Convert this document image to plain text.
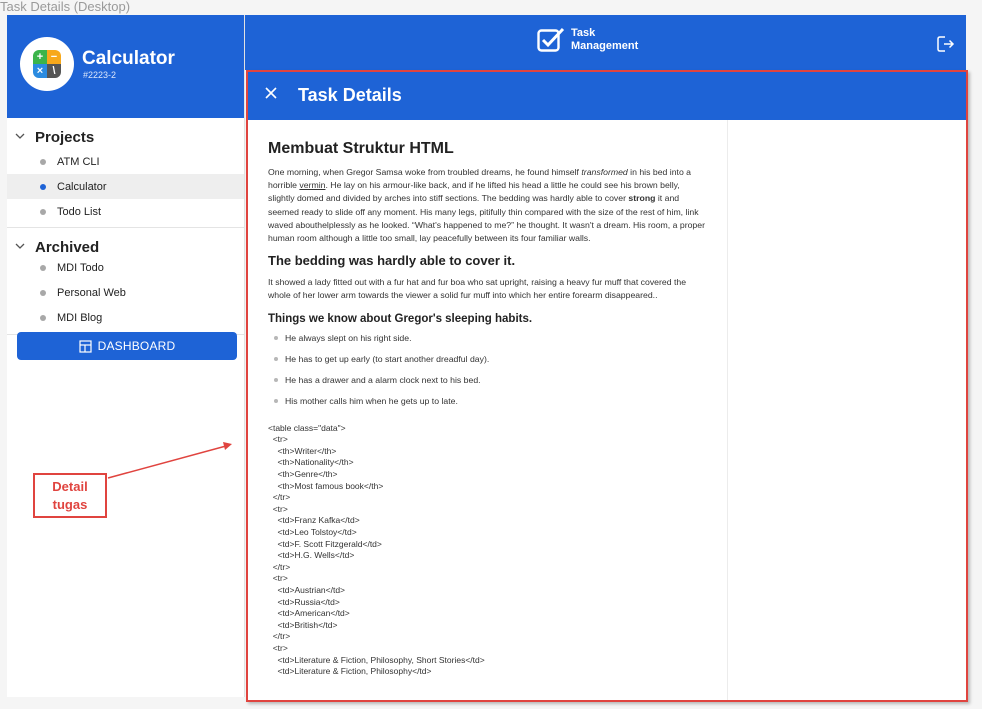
Task Details (Desktop)
+ −
× \
Calculator
#2223-2
Projects
ATM CLI
Calculator
Todo List
Archived
MDI Todo
Personal Web
MDI Blog
DASHBOARD
Task
Management
Task Details
Membuat Struktur HTML

One morning, when Gregor Samsa woke from troubled dreams, he found himself transformed in his bed into a horrible vermin. He lay on his armour-like back, and if he lifted his head a little he could see his brown belly, slightly domed and divided by arches into stiff sections. The bedding was hardly able to cover strong it and seemed ready to slide off any moment. His many legs, pitifully thin compared with the size of the rest of him, link waved abouthelplessly as he looked. “What's happened to me?” he thought. It wasn't a dream. His room, a proper human room although a little too small, lay peacefully between its four familiar walls.

The bedding was hardly able to cover it.

It showed a lady fitted out with a fur hat and fur boa who sat upright, raising a heavy fur muff that covered the whole of her lower arm towards the viewer a solid fur muff into which her entire forearm disappeared..

Things we know about Gregor's sleeping habits.
He always slept on his right side.
He has to get up early (to start another dreadful day).
He has a drawer and a alarm clock next to his bed.
His mother calls him when he gets up to late.
<table class="data">
<tr>
<th>Writer</th>
<th>Nationality</th>
<th>Genre</th>
<th>Most famous book</th>
</tr>
<tr>
<td>Franz Kafka</td>
<td>Leo Tolstoy</td>
<td>F. Scott Fitzgerald</td>
<td>H.G. Wells</td>
</tr>
<tr>
<td>Austrian</td>
<td>Russia</td>
<td>American</td>
<td>British</td>
</tr>
<tr>
<td>Literature & Fiction, Philosophy, Short Stories</td>
<td>Literature & Fiction, Philosophy</td>
Detail
tugas
